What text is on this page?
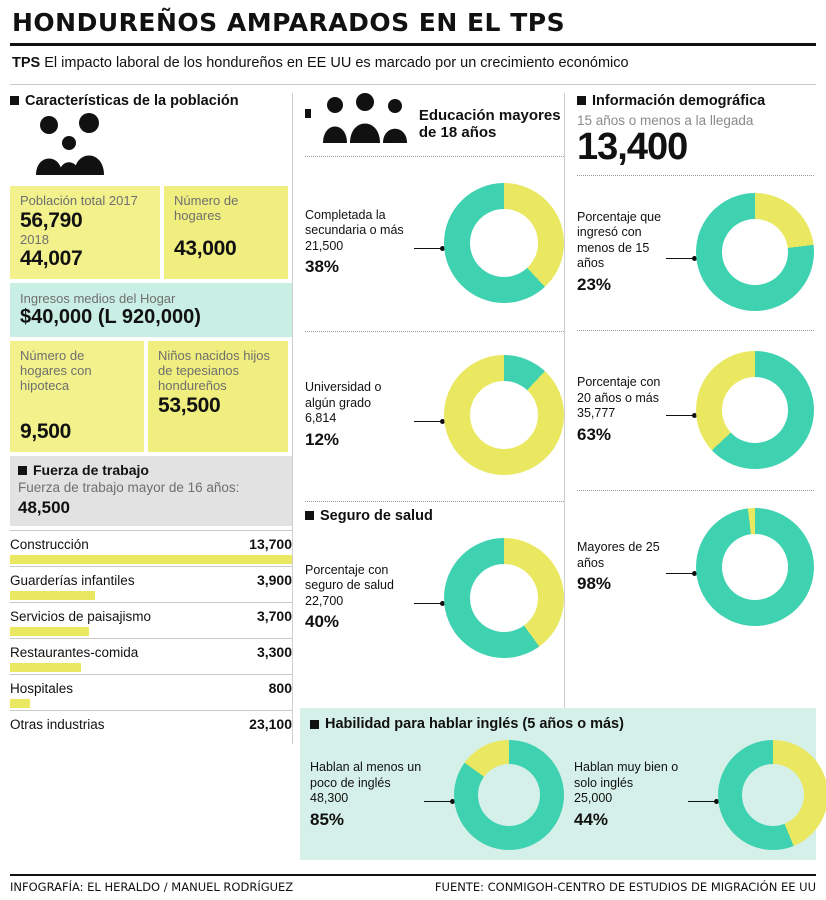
HONDUREÑOS AMPARADOS EN EL TPS
TPS El impacto laboral de los hondureños en EE UU es marcado por un crecimiento económico
Características de la población
Población total 2017
56,790
2018
44,007
Número de hogares
43,000
Ingresos medios del Hogar
$40,000 (L 920,000)
Número de hogares con hipoteca
9,500
Niños nacidos hijos de tepesianos hondureños
53,500
Fuerza de trabajo
Fuerza de trabajo mayor de 16 años: 48,500
Construcción	13,700
Guarderías infantiles	3,900
Servicios de paisajismo	3,700
Restaurantes-comida	3,300
Hospitales	800
Otras industrias	23,100
Educación mayores de 18 años
Completada la secundaria o más
21,500
38%
Universidad o algún grado
6,814
12%
Seguro de salud
Porcentaje con seguro de salud
22,700
40%
Información demográfica
15 años o menos a la llegada
13,400
Porcentaje que ingresó con menos de 15 años
23%
Porcentaje con 20 años o más
35,777
63%
Mayores de 25 años
98%
Habilidad para hablar inglés (5 años o más)
Hablan al menos un poco de inglés
48,300
85%
Hablan muy bien o solo inglés
25,000
44%
INFOGRAFÍA: EL HERALDO / MANUEL RODRÍGUEZ	FUENTE: CONMIGOH-CENTRO DE ESTUDIOS DE MIGRACIÓN EE UU
